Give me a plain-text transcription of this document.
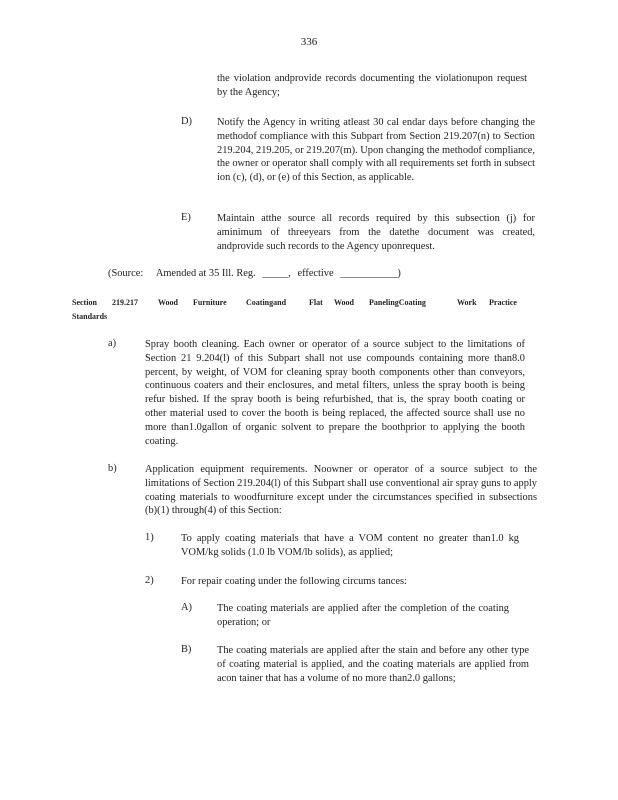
336
the violation andprovide records documenting the violationupon request by the Agency;
D) Notify the Agency in writing atleast 30 cal endar days before changing the methodof compliance with this Subpart from Section 219.207(n) to Section 219.204, 219.205, or 219.207(m). Upon changing the methodof compliance, the owner or operator shall comply with all requirements set forth in subsect ion (c), (d), or (e) of this Section, as applicable.
E)	Maintain atthe source all records required by this subsection (j) for aminimum of threeyears from the datethe document was created, andprovide such records to the Agency uponrequest.
(Source: Amended at 35 Ill. Reg. _____, effective ___________)
Section 219.217	Wood Furniture Coatingand	Flat Wood PanelingCoating	Work Practice
Standards
a)	Spray booth cleaning. Each owner or operator of a source subject to the limitations of Section 21 9.204(l) of this Subpart shall not use compounds containing more than8.0 percent, by weight, of VOM for cleaning spray booth components other than conveyors, continuous coaters and their enclosures, and metal filters, unless the spray booth is being refur bished. If the spray booth is being refurbished, that is, the spray booth coating or other material used to cover the booth is being replaced, the affected source shall use no more than1.0gallon of organic solvent to prepare the boothprior to applying the booth coating.
b)	Application equipment requirements. Noowner or operator of a source subject to the limitations of Section 219.204(l) of this Subpart shall use conventional air spray guns to apply coating materials to woodfurniture except under the circumstances specified in subsections (b)(1) through(4) of this Section:
1)	To apply coating materials that have a VOM content no greater than1.0 kg VOM/kg solids (1.0 lb VOM/lb solids), as applied;
2)	For repair coating under the following circums tances:
A) The coating materials are applied after the completion of the coating operation; or
B) The coating materials are applied after the stain and before any other type of coating material is applied, and the coating materials are applied from acon tainer that has a volume of no more than2.0 gallons;
